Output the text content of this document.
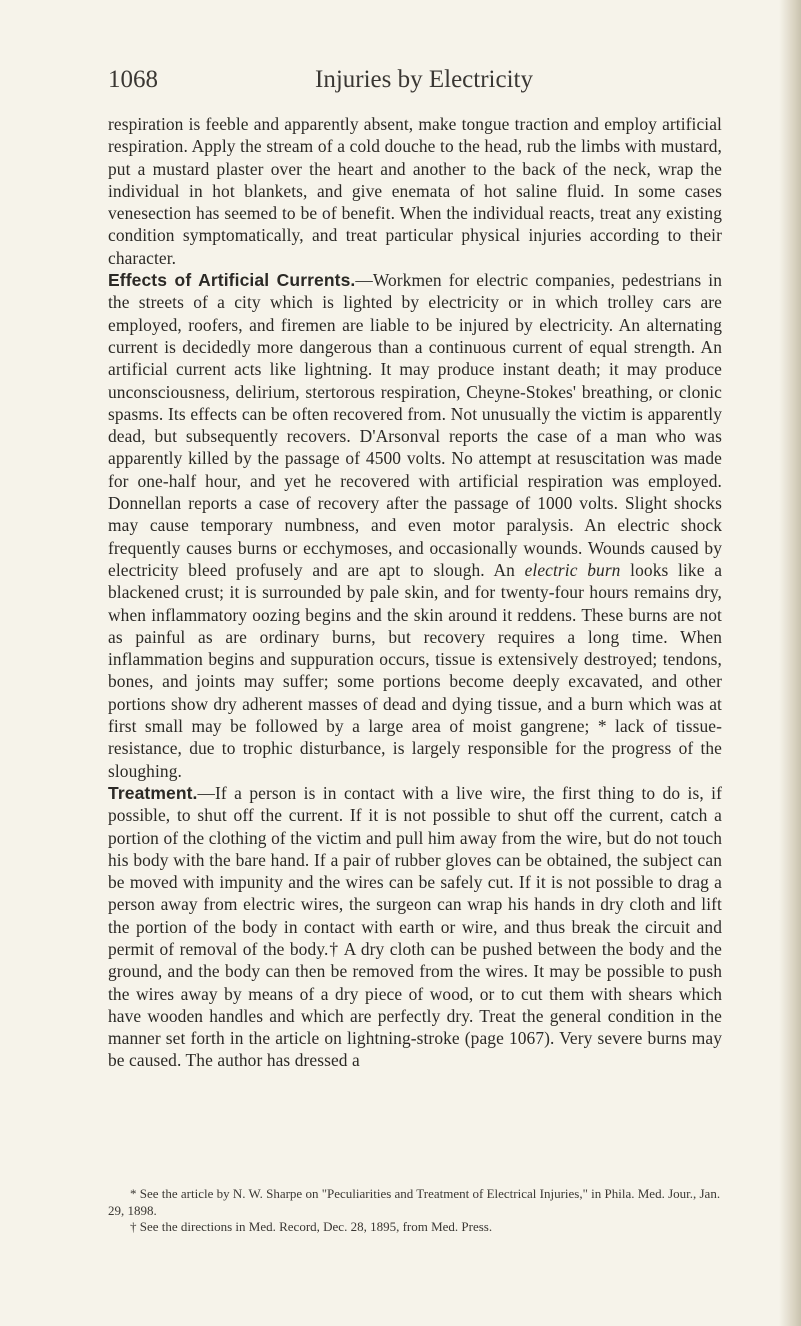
1068	Injuries by Electricity

respiration is feeble and apparently absent, make tongue traction and employ artificial respiration. Apply the stream of a cold douche to the head, rub the limbs with mustard, put a mustard plaster over the heart and another to the back of the neck, wrap the individual in hot blankets, and give enemata of hot saline fluid. In some cases venesection has seemed to be of benefit. When the individual reacts, treat any existing condition symptomatically, and treat particular physical injuries according to their character.

Effects of Artificial Currents.—Workmen for electric companies, pedestrians in the streets of a city which is lighted by electricity or in which trolley cars are employed, roofers, and firemen are liable to be injured by electricity. An alternating current is decidedly more dangerous than a continuous current of equal strength. An artificial current acts like lightning. It may produce instant death; it may produce unconsciousness, delirium, stertorous respiration, Cheyne-Stokes' breathing, or clonic spasms. Its effects can be often recovered from. Not unusually the victim is apparently dead, but subsequently recovers. D'Arsonval reports the case of a man who was apparently killed by the passage of 4500 volts. No attempt at resuscitation was made for one-half hour, and yet he recovered with artificial respiration was employed. Donnellan reports a case of recovery after the passage of 1000 volts. Slight shocks may cause temporary numbness, and even motor paralysis. An electric shock frequently causes burns or ecchymoses, and occasionally wounds. Wounds caused by electricity bleed profusely and are apt to slough. An electric burn looks like a blackened crust; it is surrounded by pale skin, and for twenty-four hours remains dry, when inflammatory oozing begins and the skin around it reddens. These burns are not as painful as are ordinary burns, but recovery requires a long time. When inflammation begins and suppuration occurs, tissue is extensively destroyed; tendons, bones, and joints may suffer; some portions become deeply excavated, and other portions show dry adherent masses of dead and dying tissue, and a burn which was at first small may be followed by a large area of moist gangrene; * lack of tissue-resistance, due to trophic disturbance, is largely responsible for the progress of the sloughing.

Treatment.—If a person is in contact with a live wire, the first thing to do is, if possible, to shut off the current. If it is not possible to shut off the current, catch a portion of the clothing of the victim and pull him away from the wire, but do not touch his body with the bare hand. If a pair of rubber gloves can be obtained, the subject can be moved with impunity and the wires can be safely cut. If it is not possible to drag a person away from electric wires, the surgeon can wrap his hands in dry cloth and lift the portion of the body in contact with earth or wire, and thus break the circuit and permit of removal of the body.† A dry cloth can be pushed between the body and the ground, and the body can then be removed from the wires. It may be possible to push the wires away by means of a dry piece of wood, or to cut them with shears which have wooden handles and which are perfectly dry. Treat the general condition in the manner set forth in the article on lightning-stroke (page 1067). Very severe burns may be caused. The author has dressed a

* See the article by N. W. Sharpe on "Peculiarities and Treatment of Electrical Injuries," in Phila. Med. Jour., Jan. 29, 1898.

† See the directions in Med. Record, Dec. 28, 1895, from Med. Press.
